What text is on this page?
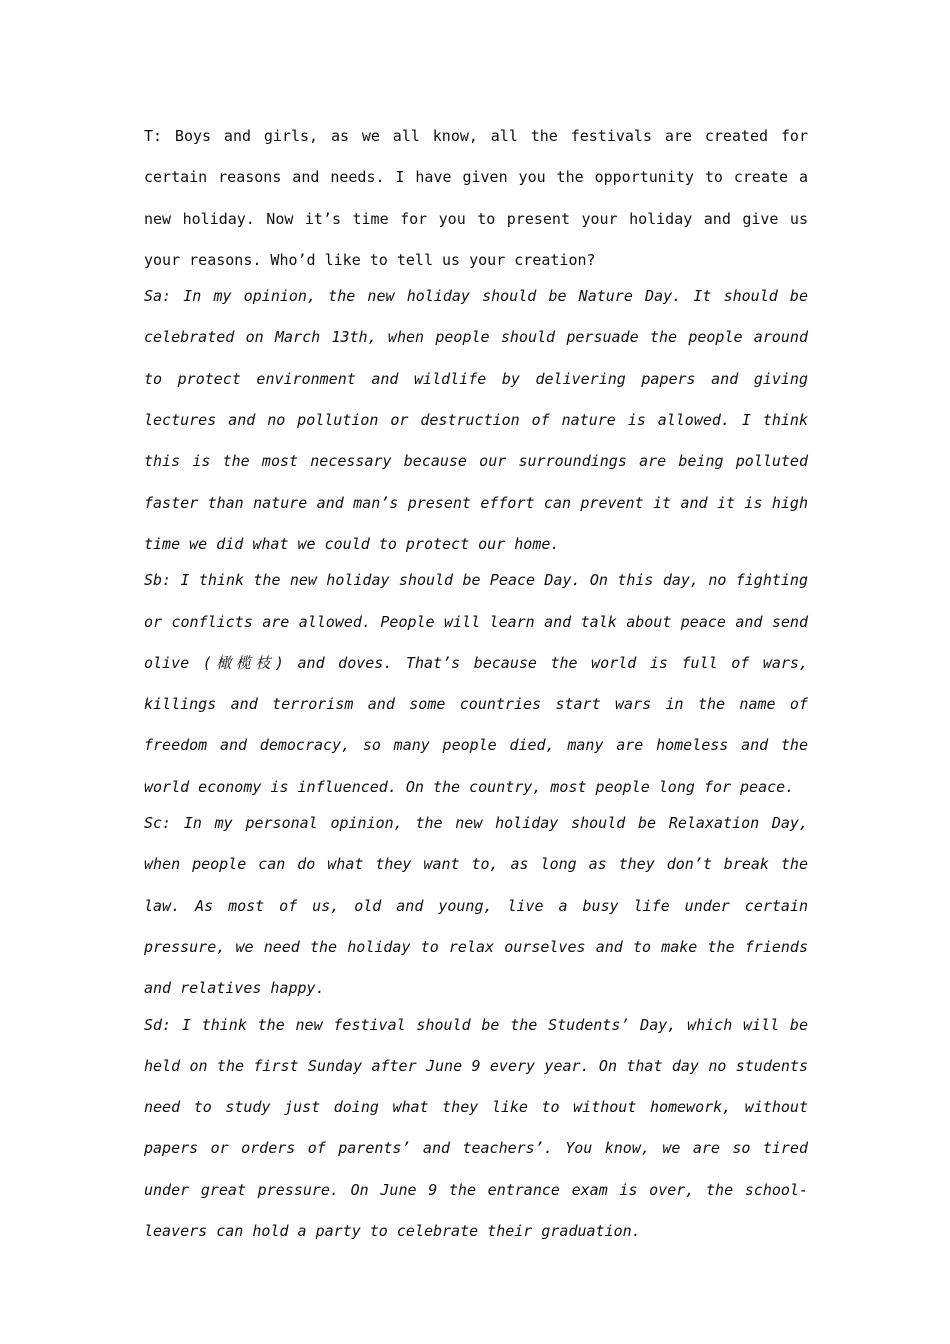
T: Boys and girls, as we all know, all the festivals are created for certain reasons and needs. I have given you the opportunity to create a new holiday. Now it’s time for you to present your holiday and give us your reasons. Who’d like to tell us your creation?

Sa: In my opinion, the new holiday should be Nature Day. It should be celebrated on March 13th, when people should persuade the people around to protect environment and wildlife by delivering papers and giving lectures and no pollution or destruction of nature is allowed. I think this is the most necessary because our surroundings are being polluted faster than nature and man’s present effort can prevent it and it is high time we did what we could to protect our home.

Sb: I think the new holiday should be Peace Day. On this day, no fighting or conflicts are allowed. People will learn and talk about peace and send olive (橄榄枝) and doves. That’s because the world is full of wars, killings and terrorism and some countries start wars in the name of freedom and democracy, so many people died, many are homeless and the world economy is influenced. On the country, most people long for peace.

Sc: In my personal opinion, the new holiday should be Relaxation Day, when people can do what they want to, as long as they don’t break the law. As most of us, old and young, live a busy life under certain pressure, we need the holiday to relax ourselves and to make the friends and relatives happy.

Sd: I think the new festival should be the Students’ Day, which will be held on the first Sunday after June 9 every year. On that day no students need to study just doing what they like to without homework, without papers or orders of parents’ and teachers’. You know, we are so tired under great pressure. On June 9 the entrance exam is over, the school-leavers can hold a party to celebrate their graduation.
